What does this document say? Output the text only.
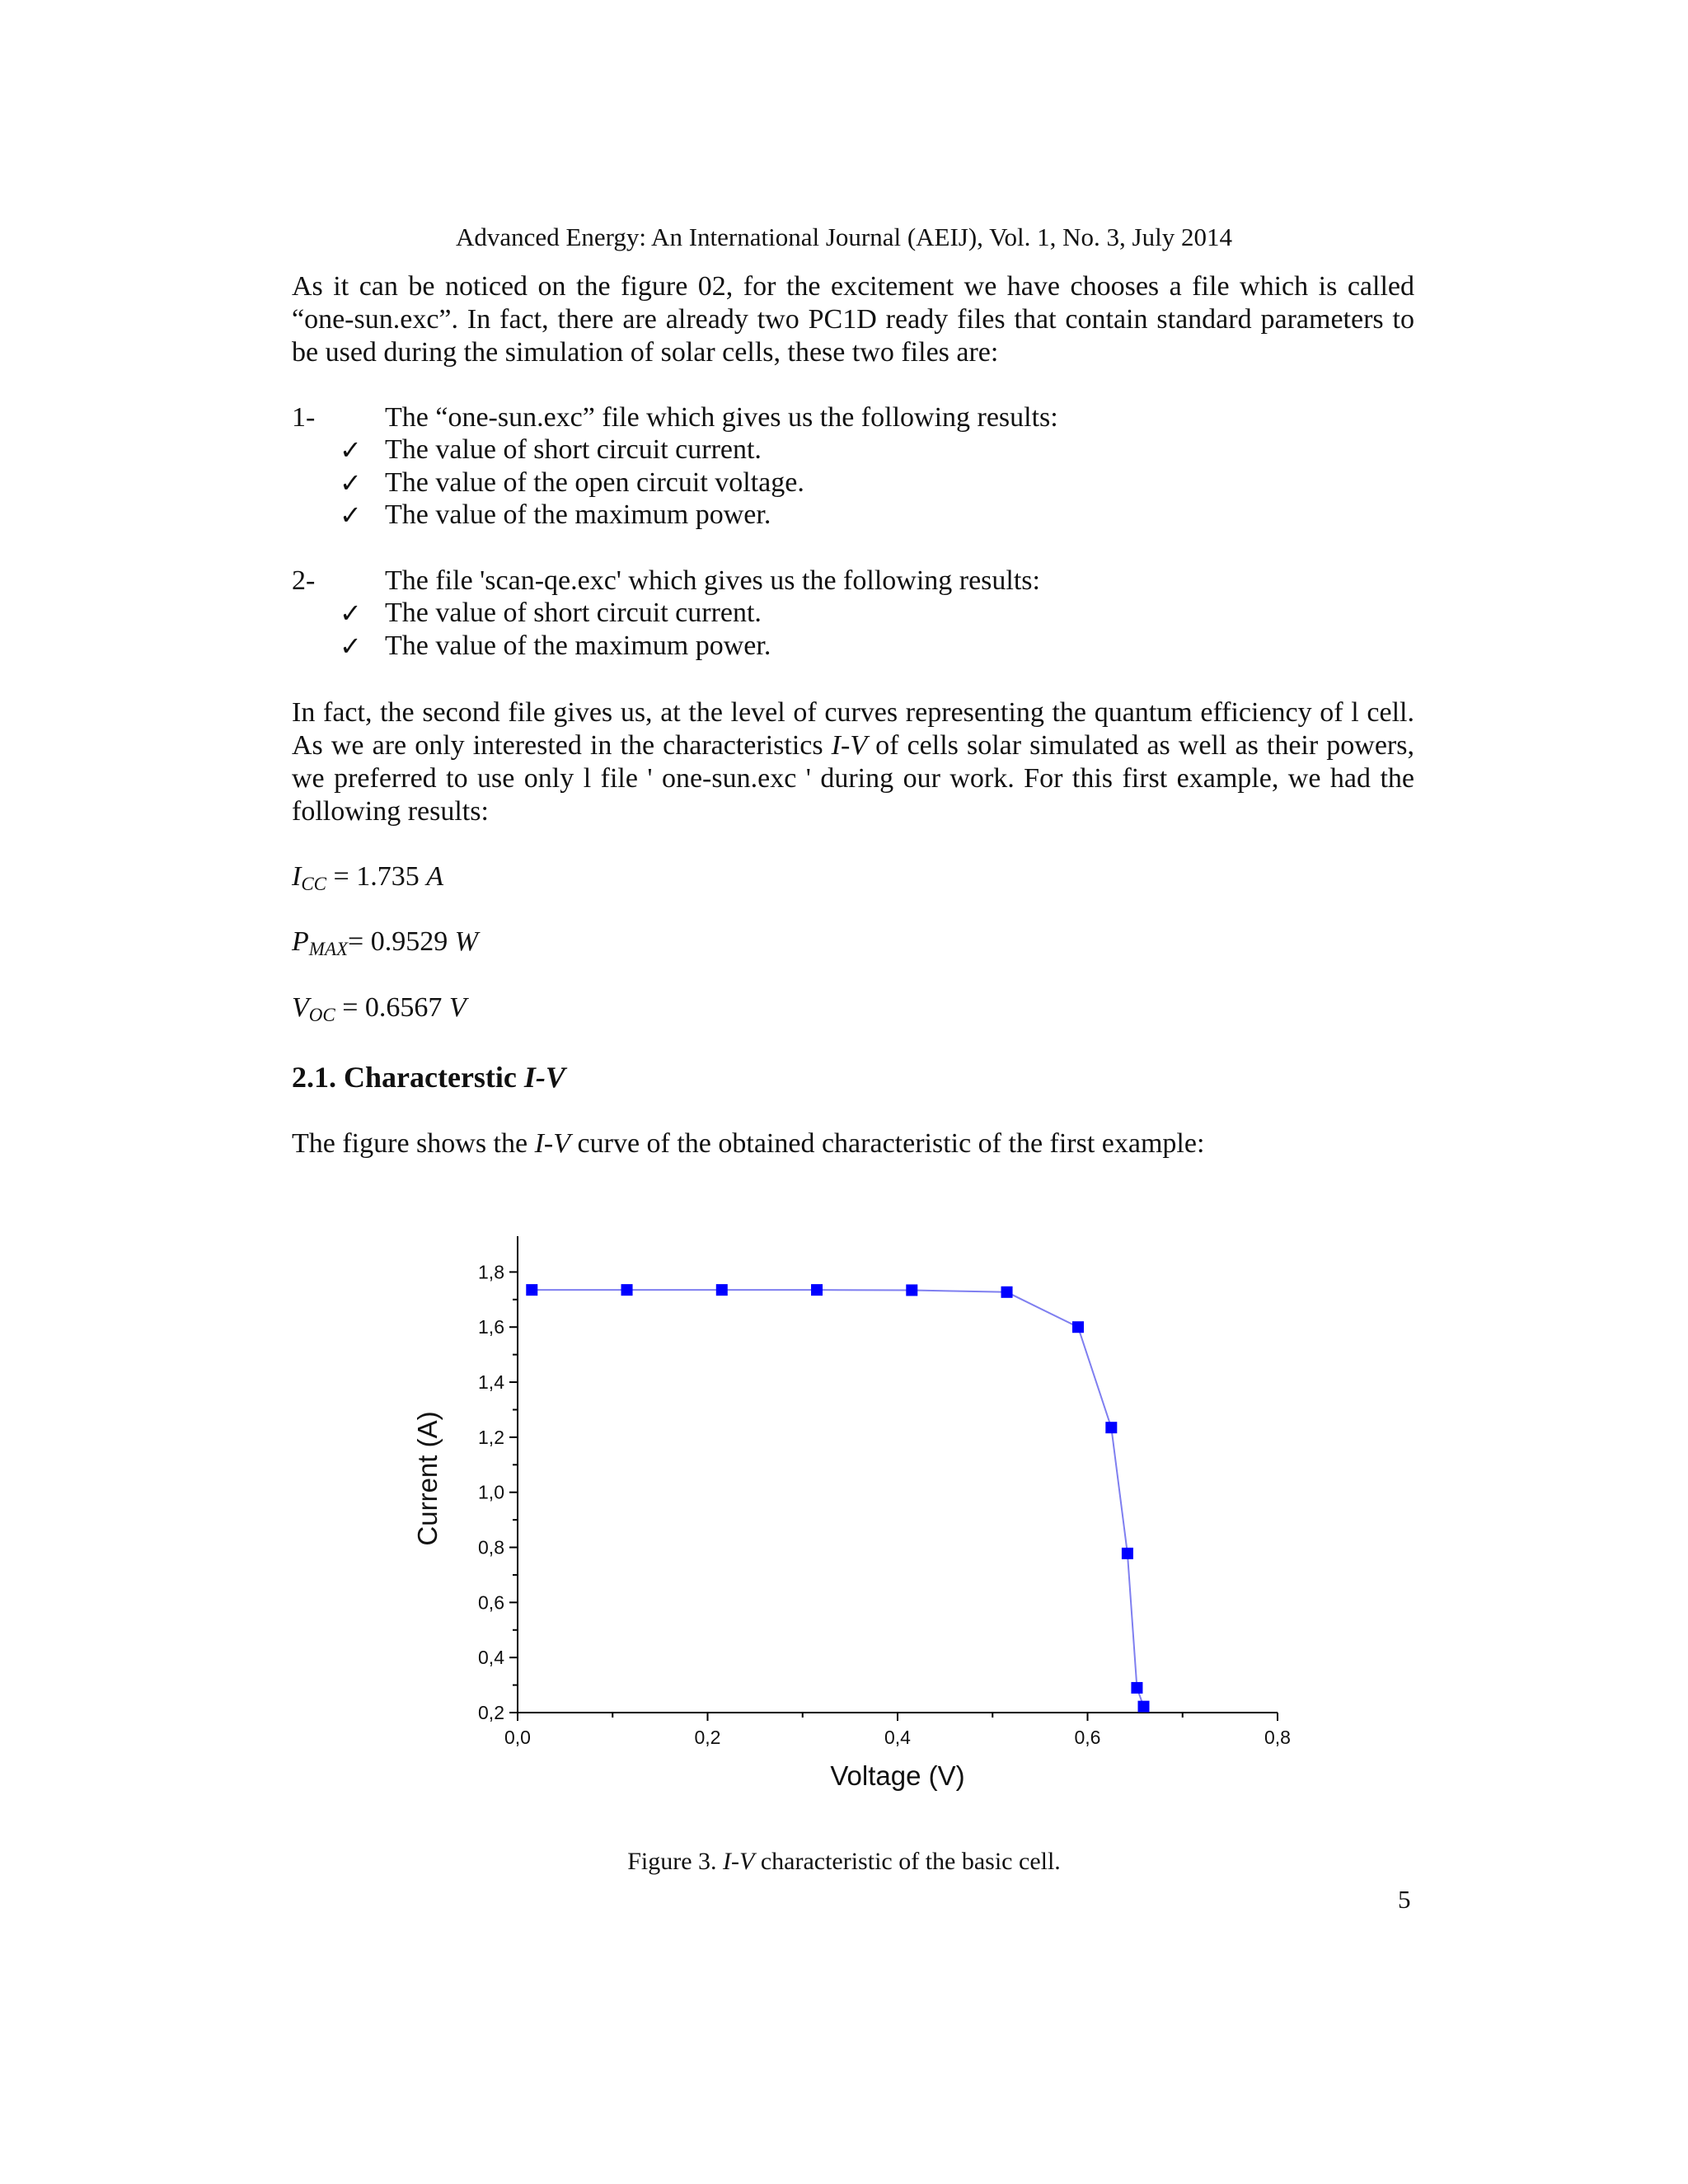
Advanced Energy: An International Journal (AEIJ), Vol. 1, No. 3, July 2014
As it can be noticed on the figure 02, for the excitement we have chooses a file which is called “one-sun.exc”. In fact, there are already two PC1D ready files that contain standard parameters to be used during the simulation of solar cells, these two files are:
1- The “one-sun.exc” file which gives us the following results:
✓ The value of short circuit current.
✓ The value of the open circuit voltage.
✓ The value of the maximum power.
2- The file 'scan-qe.exc' which gives us the following results:
✓ The value of short circuit current.
✓ The value of the maximum power.
In fact, the second file gives us, at the level of curves representing the quantum efficiency of l cell. As we are only interested in the characteristics I-V of cells solar simulated as well as their powers, we preferred to use only l file ' one-sun.exc ' during our work. For this first example, we had the following results:
$I_{CC} = 1.735$ A
$P_{MAX}= 0.9529$ W
$V_{OC} = 0.6567$ V
2.1. Characterstic I-V
The figure shows the I-V curve of the obtained characteristic of the first example:
0,0	0,2	0,4	0,6	0,8
0,2
0,4
0,6
0,8
1,0
1,2
1,4
1,6
1,8
Voltage (V)
Current (A)
Figure 3. I-V characteristic of the basic cell.
5
